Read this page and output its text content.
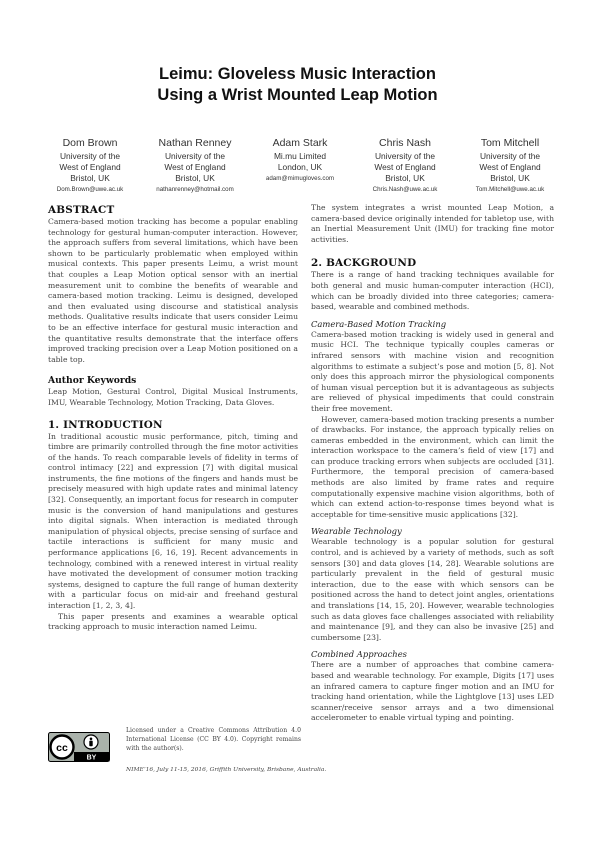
Leimu: Gloveless Music Interaction
Using a Wrist Mounted Leap Motion
Dom Brown
University of the
West of England
Bristol, UK
Dom.Brown@uwe.ac.uk
Nathan Renney
University of the
West of England
Bristol, UK
nathanrenney@hotmail.com
Adam Stark
Mi.mu Limited
London, UK
adam@mimugloves.com
Chris Nash
University of the
West of England
Bristol, UK
Chris.Nash@uwe.ac.uk
Tom Mitchell
University of the
West of England
Bristol, UK
Tom.Mitchell@uwe.ac.uk
ABSTRACT

Camera-based motion tracking has become a popular enabling technology for gestural human-computer interaction. However, the approach suffers from several limitations, which have been shown to be particularly problematic when employed within musical contexts. This paper presents Leimu, a wrist mount that couples a Leap Motion optical sensor with an inertial measurement unit to combine the benefits of wearable and camera-based motion tracking. Leimu is designed, developed and then evaluated using discourse and statistical analysis methods. Qualitative results indicate that users consider Leimu to be an effective interface for gestural music interaction and the quantitative results demonstrate that the interface offers improved tracking precision over a Leap Motion positioned on a table top.

Author Keywords

Leap Motion, Gestural Control, Digital Musical Instruments, IMU, Wearable Technology, Motion Tracking, Data Gloves.

1. INTRODUCTION

In traditional acoustic music performance, pitch, timing and timbre are primarily controlled through the fine motor activities of the hands. To reach comparable levels of fidelity in terms of control intimacy [22] and expression [7] with digital musical instruments, the fine motions of the fingers and hands must be precisely measured with high update rates and minimal latency [32]. Consequently, an important focus for research in computer music is the conversion of hand manipulations and gestures into digital signals. When interaction is mediated through manipulation of physical objects, precise sensing of surface and tactile interactions is sufficient for many music and performance applications [6, 16, 19]. Recent advancements in technology, combined with a renewed interest in virtual reality have motivated the development of consumer motion tracking systems, designed to capture the full range of human dexterity with a particular focus on mid-air and freehand gestural interaction [1, 2, 3, 4].

This paper presents and examines a wearable optical tracking approach to music interaction named Leimu.

cc
BY

Licensed under a Creative Commons Attribution 4.0 International License (CC BY 4.0). Copyright remains with the author(s).

NIME’16, July 11-15, 2016, Griffith University, Brisbane, Australia.

The system integrates a wrist mounted Leap Motion, a camera-based device originally intended for tabletop use, with an Inertial Measurement Unit (IMU) for tracking fine motor activities.

2. BACKGROUND

There is a range of hand tracking techniques available for both general and music human-computer interaction (HCI), which can be broadly divided into three categories; camera-based, wearable and combined methods.

Camera-Based Motion Tracking

Camera-based motion tracking is widely used in general and music HCI. The technique typically couples cameras or infrared sensors with machine vision and recognition algorithms to estimate a subject’s pose and motion [5, 8]. Not only does this approach mirror the physiological components of human visual perception but it is advantageous as subjects are relieved of physical impediments that could constrain their free movement.

However, camera-based motion tracking presents a number of drawbacks. For instance, the approach typically relies on cameras embedded in the environment, which can limit the interaction workspace to the camera’s field of view [17] and can produce tracking errors when subjects are occluded [31]. Furthermore, the temporal precision of camera-based methods are also limited by frame rates and require computationally expensive machine vision algorithms, both of which can extend action-to-response times beyond what is acceptable for time-sensitive music applications [32].

Wearable Technology

Wearable technology is a popular solution for gestural control, and is achieved by a variety of methods, such as soft sensors [30] and data gloves [14, 28]. Wearable solutions are particularly prevalent in the field of gestural music interaction, due to the ease with which sensors can be positioned across the hand to detect joint angles, orientations and translations [14, 15, 20]. However, wearable technologies such as data gloves face challenges associated with reliability and maintenance [9], and they can also be invasive [25] and cumbersome [23].

Combined Approaches

There are a number of approaches that combine camera-based and wearable technology. For example, Digits [17] uses an infrared camera to capture finger motion and an IMU for tracking hand orientation, while the Lightglove [13] uses LED scanner/receive sensor arrays and a two dimensional accelerometer to enable virtual typing and pointing.
